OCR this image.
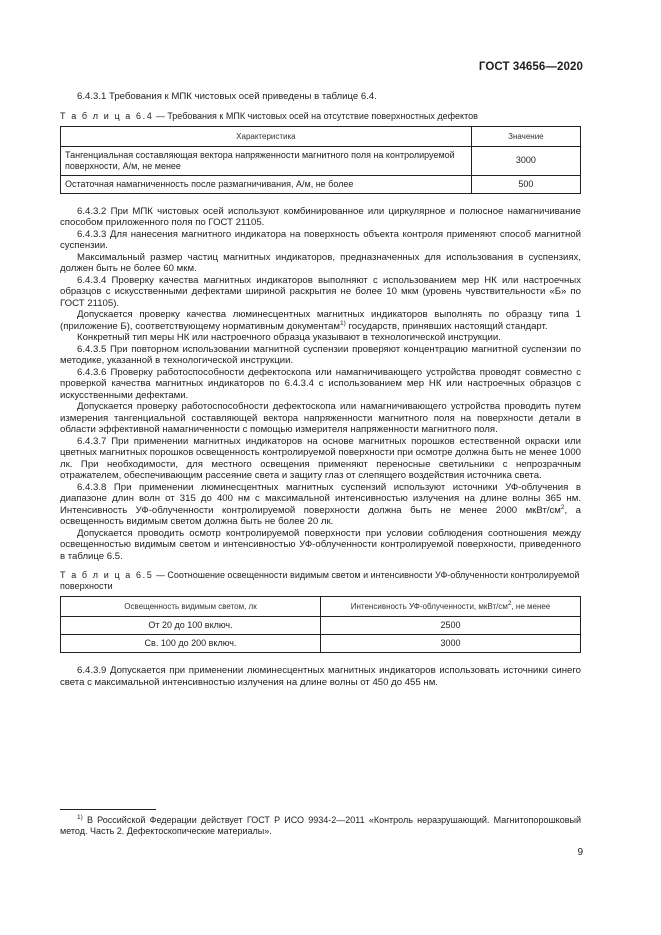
ГОСТ 34656—2020

6.4.3.1 Требования к МПК чистовых осей приведены в таблице 6.4.

Т а б л и ц а 6.4 — Требования к МПК чистовых осей на отсутствие поверхностных дефектов

Характеристика	Значение
Тангенциальная составляющая вектора напряженности магнитного поля на контролируемой поверхности, А/м, не менее	3000
Остаточная намагниченность после размагничивания, А/м, не более	500

6.4.3.2 При МПК чистовых осей используют комбинированное или циркулярное и полюсное намагничивание способом приложенного поля по ГОСТ 21105.

6.4.3.3 Для нанесения магнитного индикатора на поверхность объекта контроля применяют способ магнитной суспензии.

Максимальный размер частиц магнитных индикаторов, предназначенных для использования в суспензиях, должен быть не более 60 мкм.

6.4.3.4 Проверку качества магнитных индикаторов выполняют с использованием мер НК или настроечных образцов с искусственными дефектами шириной раскрытия не более 10 мкм (уровень чувствительности «Б» по ГОСТ 21105).

Допускается проверку качества люминесцентных магнитных индикаторов выполнять по образцу типа 1 (приложение Б), соответствующему нормативным документам$^{1)}$ государств, принявших настоящий стандарт.

Конкретный тип меры НК или настроечного образца указывают в технологической инструкции.

6.4.3.5 При повторном использовании магнитной суспензии проверяют концентрацию магнитной суспензии по методике, указанной в технологической инструкции.

6.4.3.6 Проверку работоспособности дефектоскопа или намагничивающего устройства проводят совместно с проверкой качества магнитных индикаторов по 6.4.3.4 с использованием мер НК или настроечных образцов с искусственными дефектами.

Допускается проверку работоспособности дефектоскопа или намагничивающего устройства проводить путем измерения тангенциальной составляющей вектора напряженности магнитного поля на поверхности детали в области эффективной намагниченности с помощью измерителя напряженности магнитного поля.

6.4.3.7 При применении магнитных индикаторов на основе магнитных порошков естественной окраски или цветных магнитных порошков освещенность контролируемой поверхности при осмотре должна быть не менее 1000 лк. При необходимости, для местного освещения применяют переносные светильники с непрозрачным отражателем, обеспечивающим рассеяние света и защиту глаз от слепящего воздействия источника света.

6.4.3.8 При применении люминесцентных магнитных суспензий используют источники УФ-облучения в диапазоне длин волн от 315 до 400 нм с максимальной интенсивностью излучения на длине волны 365 нм. Интенсивность УФ-облученности контролируемой поверхности должна быть не менее 2000 мкВт/$см^2$, а освещенность видимым светом должна быть не более 20 лк.

Допускается проводить осмотр контролируемой поверхности при условии соблюдения соотношения между освещенностью видимым светом и интенсивностью УФ-облученности контролируемой поверхности, приведенного в таблице 6.5.

Т а б л и ц а 6.5 — Соотношение освещенности видимым светом и интенсивности УФ-облученности контролируемой поверхности

Освещенность видимым светом, лк	Интенсивность УФ-облученности, мкВт/$см^2$, не менее
От 20 до 100 включ.	2500
Св. 100 до 200 включ.	3000

6.4.3.9 Допускается при применении люминесцентных магнитных индикаторов использовать источники синего света с максимальной интенсивностью излучения на длине волны от 450 до 455 нм.

$^{1)}$ В Российской Федерации действует ГОСТ Р ИСО 9934-2—2011 «Контроль неразрушающий. Магнитопорошковый метод. Часть 2. Дефектоскопические материалы».

9
